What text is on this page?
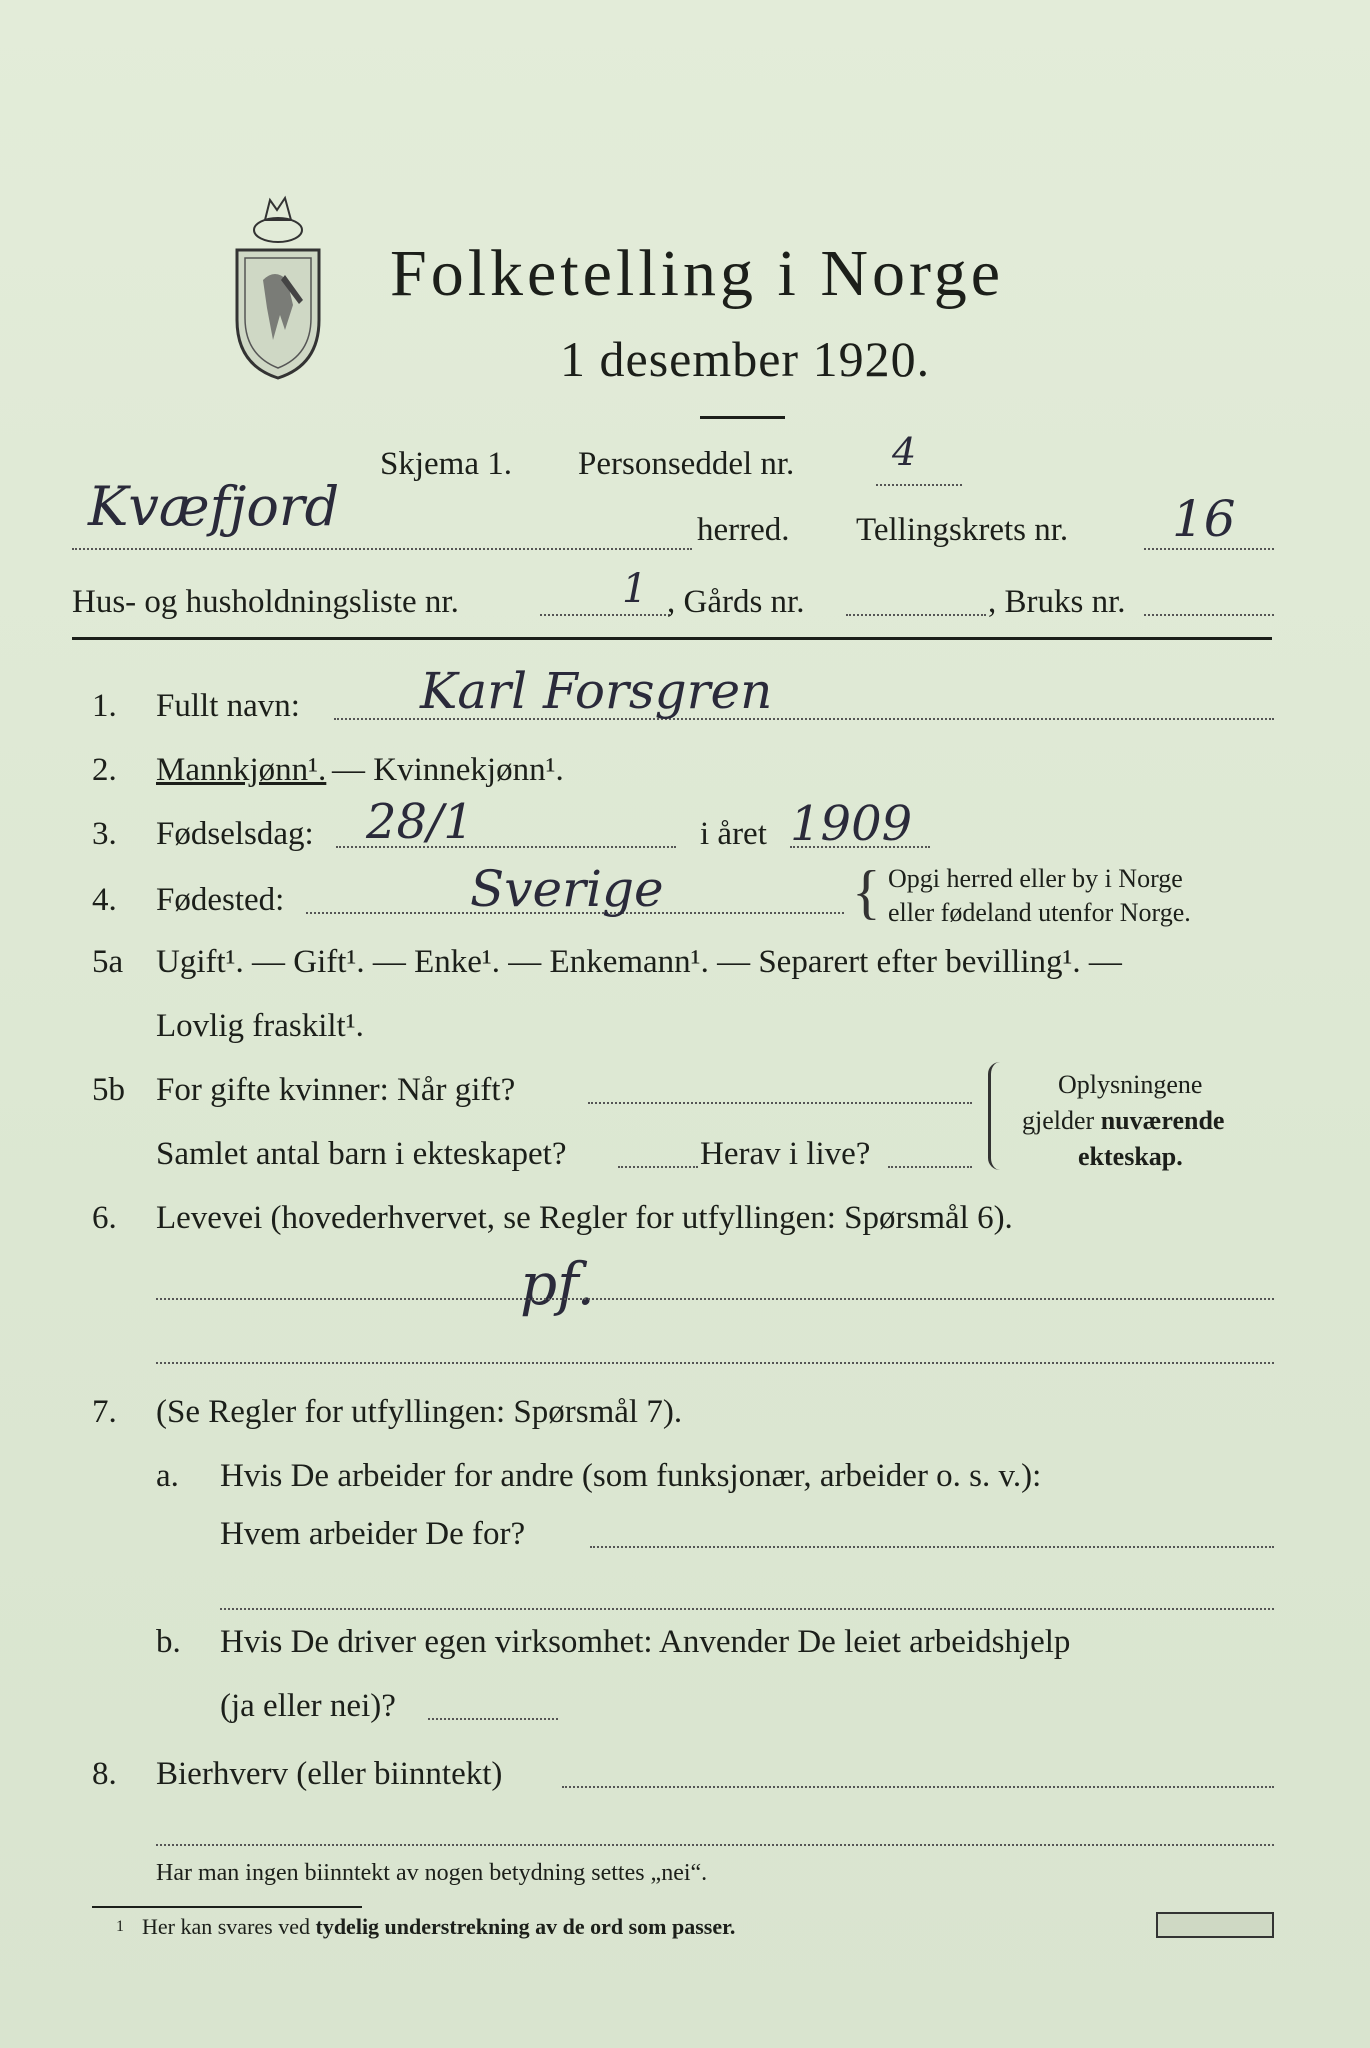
Folketelling i Norge
1 desember 1920.
Skjema 1. Personseddel nr.	4
Kvæfjord	herred. Tellingskrets nr. 16
Hus- og husholdningsliste nr.	1 , Gårds nr.	, Bruks nr.
1. Fullt navn: Karl Forsgren
2. Mannkjønn¹. — Kvinnekjønn¹.
3. Fødselsdag: 28/1	i året 1909
4. Fødested:	Sverige	{ Opgi herred eller by i Norge
eller fødeland utenfor Norge.
5a Ugift¹. — Gift¹. — Enke¹. — Enkemann¹. — Separert efter bevilling¹. —
Lovlig fraskilt¹.
5b For gifte kvinner: Når gift?
Samlet antal barn i ekteskapet?	Herav i live?
Oplysningene
gjelder nuværende
ekteskap.
6. Levevei (hovederhvervet, se Regler for utfyllingen: Spørsmål 6).
pf.
7. (Se Regler for utfyllingen: Spørsmål 7).
a. Hvis De arbeider for andre (som funksjonær, arbeider o. s. v.):
Hvem arbeider De for?
b. Hvis De driver egen virksomhet: Anvender De leiet arbeidshjelp
(ja eller nei)?
8. Bierhverv (eller biinntekt)
Har man ingen biinntekt av nogen betydning settes „nei“.
1 Her kan svares ved tydelig understrekning av de ord som passer.
